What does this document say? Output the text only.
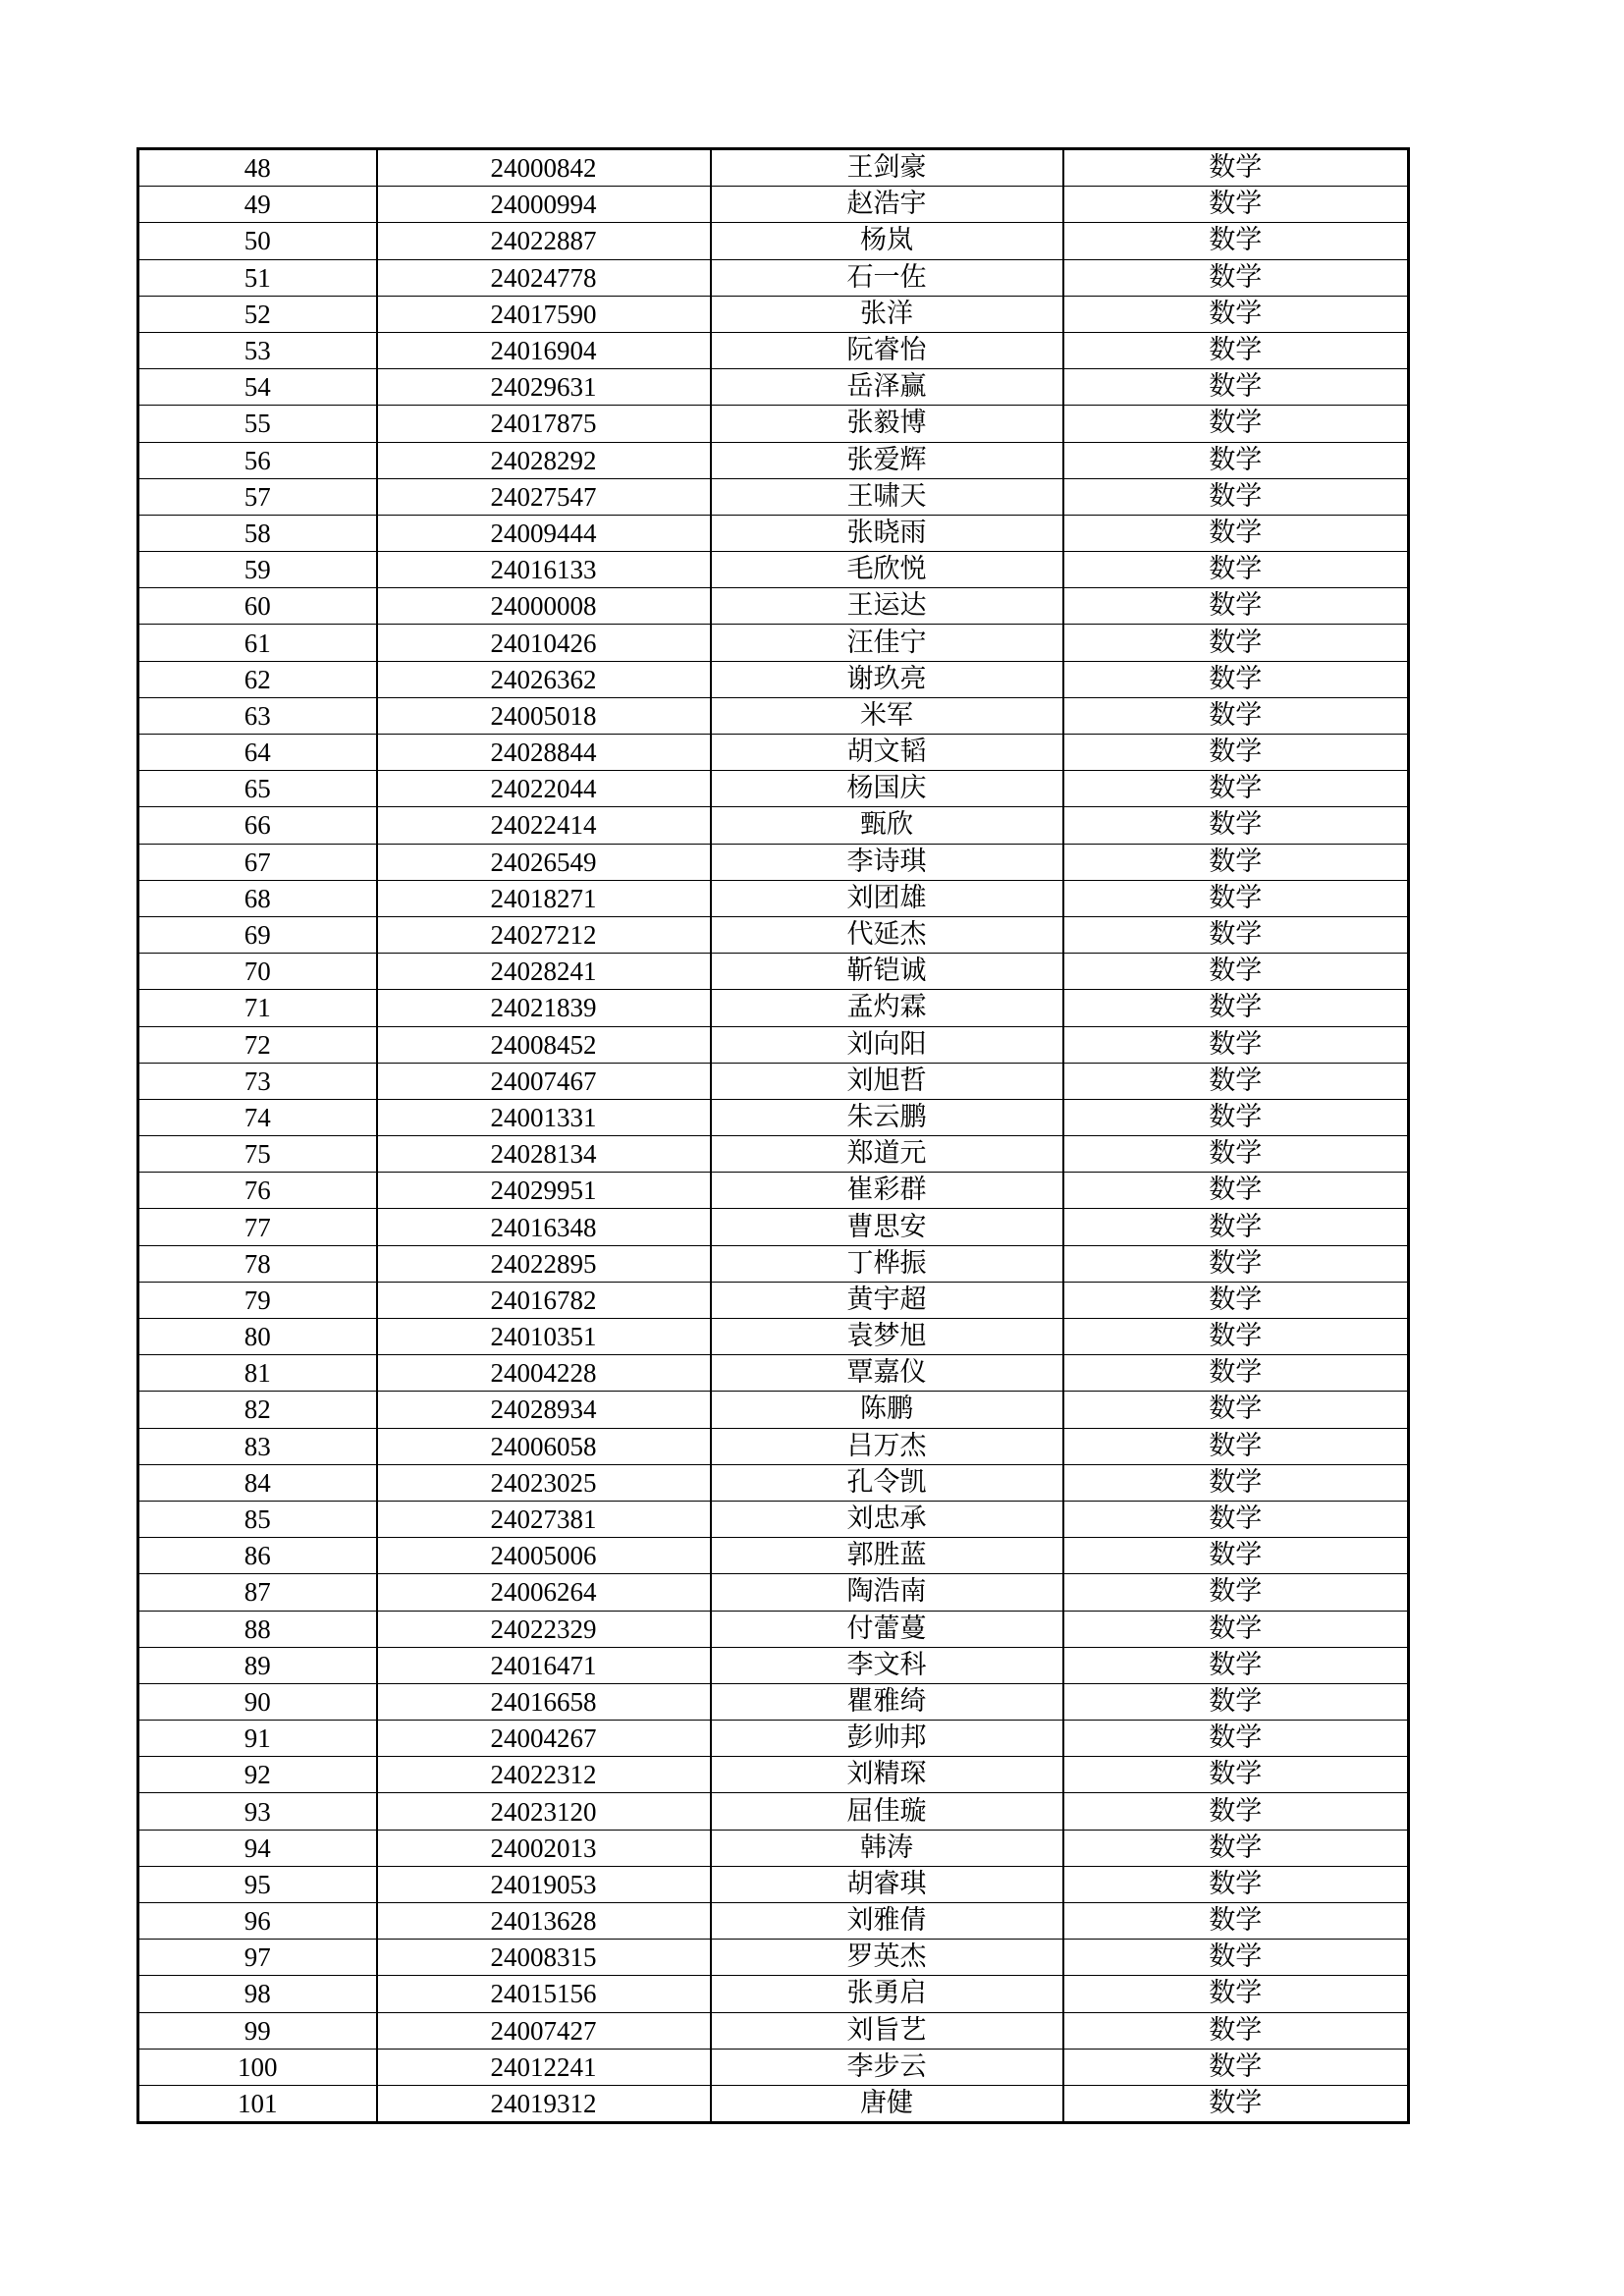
48	24000842	王剑豪	数学
49	24000994	赵浩宇	数学
50	24022887	杨岚	数学
51	24024778	石一佐	数学
52	24017590	张洋	数学
53	24016904	阮睿怡	数学
54	24029631	岳泽赢	数学
55	24017875	张毅博	数学
56	24028292	张爱辉	数学
57	24027547	王啸天	数学
58	24009444	张晓雨	数学
59	24016133	毛欣悦	数学
60	24000008	王运达	数学
61	24010426	汪佳宁	数学
62	24026362	谢玖亮	数学
63	24005018	米军	数学
64	24028844	胡文韬	数学
65	24022044	杨国庆	数学
66	24022414	甄欣	数学
67	24026549	李诗琪	数学
68	24018271	刘团雄	数学
69	24027212	代延杰	数学
70	24028241	靳铠诚	数学
71	24021839	孟灼霖	数学
72	24008452	刘向阳	数学
73	24007467	刘旭哲	数学
74	24001331	朱云鹏	数学
75	24028134	郑道元	数学
76	24029951	崔彩群	数学
77	24016348	曹思安	数学
78	24022895	丁桦振	数学
79	24016782	黄宇超	数学
80	24010351	袁梦旭	数学
81	24004228	覃嘉仪	数学
82	24028934	陈鹏	数学
83	24006058	吕万杰	数学
84	24023025	孔令凯	数学
85	24027381	刘忠承	数学
86	24005006	郭胜蓝	数学
87	24006264	陶浩南	数学
88	24022329	付蕾蔓	数学
89	24016471	李文科	数学
90	24016658	瞿雅绮	数学
91	24004267	彭帅邦	数学
92	24022312	刘精琛	数学
93	24023120	屈佳璇	数学
94	24002013	韩涛	数学
95	24019053	胡睿琪	数学
96	24013628	刘雅倩	数学
97	24008315	罗英杰	数学
98	24015156	张勇启	数学
99	24007427	刘旨艺	数学
100	24012241	李步云	数学
101	24019312	唐健	数学
